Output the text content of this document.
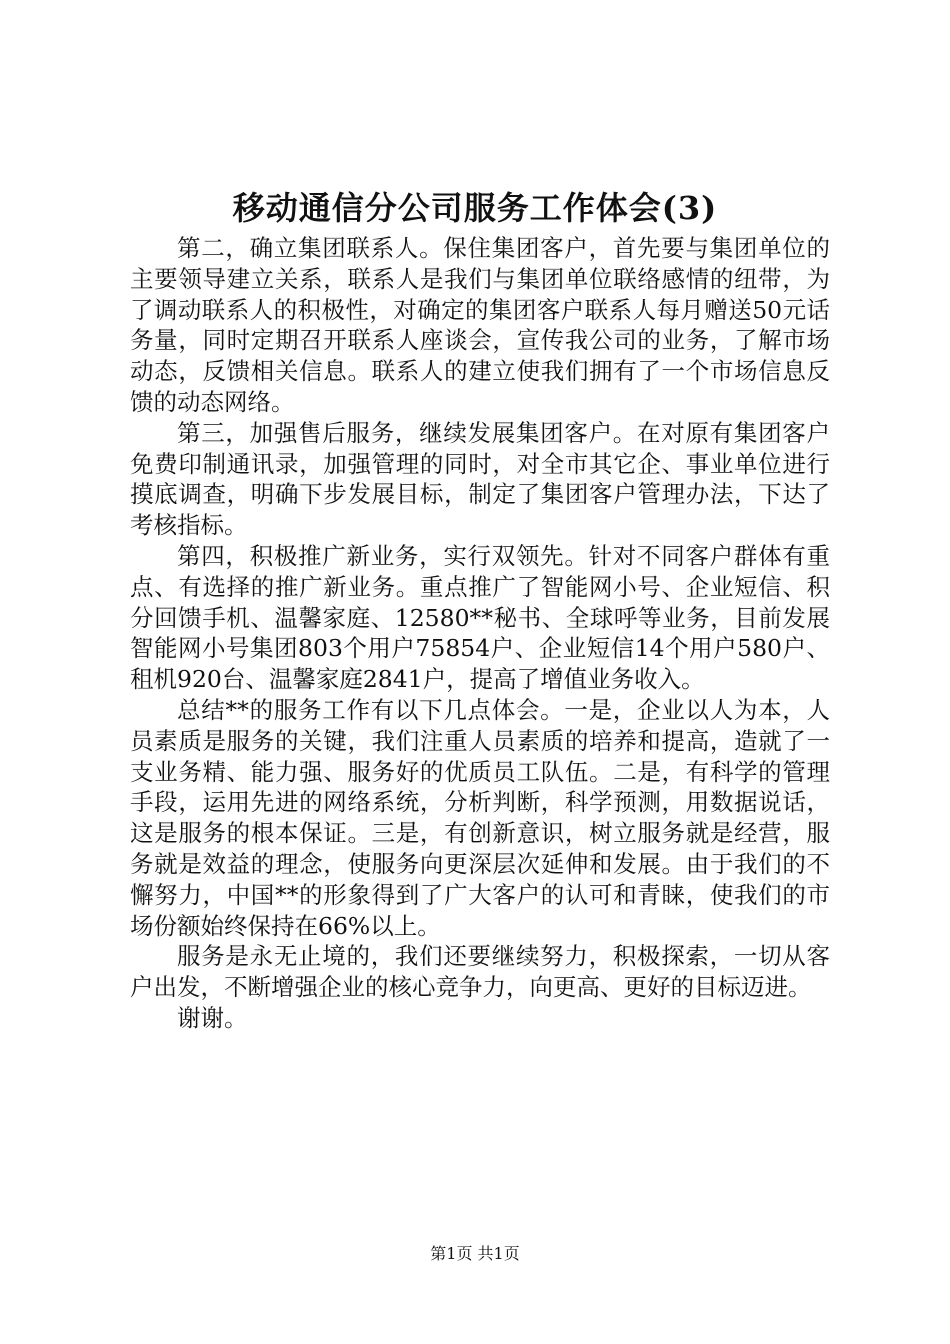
移动通信分公司服务工作体会(3)

第二，确立集团联系人。保住集团客户，首先要与集团单位的主要领导建立关系，联系人是我们与集团单位联络感情的纽带，为了调动联系人的积极性，对确定的集团客户联系人每月赠送50元话务量，同时定期召开联系人座谈会，宣传我公司的业务，了解市场动态，反馈相关信息。联系人的建立使我们拥有了一个市场信息反馈的动态网络。

第三，加强售后服务，继续发展集团客户。在对原有集团客户免费印制通讯录，加强管理的同时，对全市其它企、事业单位进行摸底调查，明确下步发展目标，制定了集团客户管理办法，下达了考核指标。

第四，积极推广新业务，实行双领先。针对不同客户群体有重点、有选择的推广新业务。重点推广了智能网小号、企业短信、积分回馈手机、温馨家庭、12580**秘书、全球呼等业务，目前发展智能网小号集团803个用户75854户、企业短信14个用户580户、租机920台、温馨家庭2841户，提高了增值业务收入。

总结**的服务工作有以下几点体会。一是，企业以人为本，人员素质是服务的关键，我们注重人员素质的培养和提高，造就了一支业务精、能力强、服务好的优质员工队伍。二是，有科学的管理手段，运用先进的网络系统，分析判断，科学预测，用数据说话，这是服务的根本保证。三是，有创新意识，树立服务就是经营，服务就是效益的理念，使服务向更深层次延伸和发展。由于我们的不懈努力，中国**的形象得到了广大客户的认可和青睐，使我们的市场份额始终保持在66%以上。

服务是永无止境的，我们还要继续努力，积极探索，一切从客户出发，不断增强企业的核心竞争力，向更高、更好的目标迈进。

谢谢。

第1页 共1页
